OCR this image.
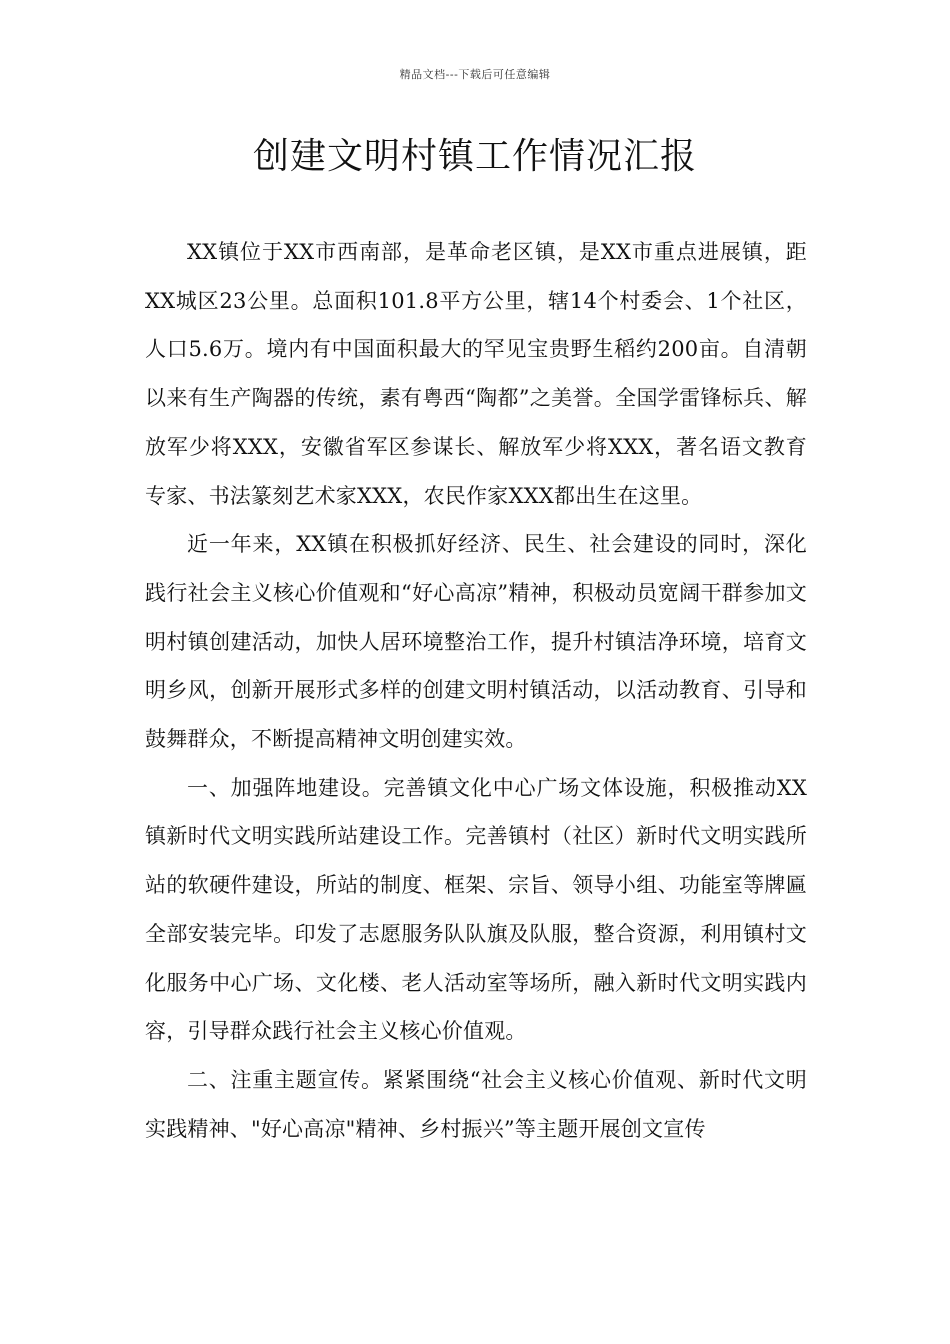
精品文档---下载后可任意编辑
创建文明村镇工作情况汇报

XX镇位于XX市西南部，是革命老区镇，是XX市重点进展镇，距XX城区23公里。总面积101.8平方公里，辖14个村委会、1个社区，人口5.6万。境内有中国面积最大的罕见宝贵野生稻约200亩。自清朝以来有生产陶器的传统，素有粤西“陶都”之美誉。全国学雷锋标兵、解放军少将XXX，安徽省军区参谋长、解放军少将XXX，著名语文教育专家、书法篆刻艺术家XXX，农民作家XXX都出生在这里。

近一年来，XX镇在积极抓好经济、民生、社会建设的同时，深化践行社会主义核心价值观和“好心高凉”精神，积极动员宽阔干群参加文明村镇创建活动，加快人居环境整治工作，提升村镇洁净环境，培育文明乡风，创新开展形式多样的创建文明村镇活动，以活动教育、引导和鼓舞群众，不断提高精神文明创建实效。

一、加强阵地建设。完善镇文化中心广场文体设施，积极推动XX镇新时代文明实践所站建设工作。完善镇村（社区）新时代文明实践所站的软硬件建设，所站的制度、框架、宗旨、领导小组、功能室等牌匾全部安装完毕。印发了志愿服务队队旗及队服，整合资源，利用镇村文化服务中心广场、文化楼、老人活动室等场所，融入新时代文明实践内容，引导群众践行社会主义核心价值观。

二、注重主题宣传。紧紧围绕“社会主义核心价值观、新时代文明实践精神、"好心高凉"精神、乡村振兴”等主题开展创文宣传
